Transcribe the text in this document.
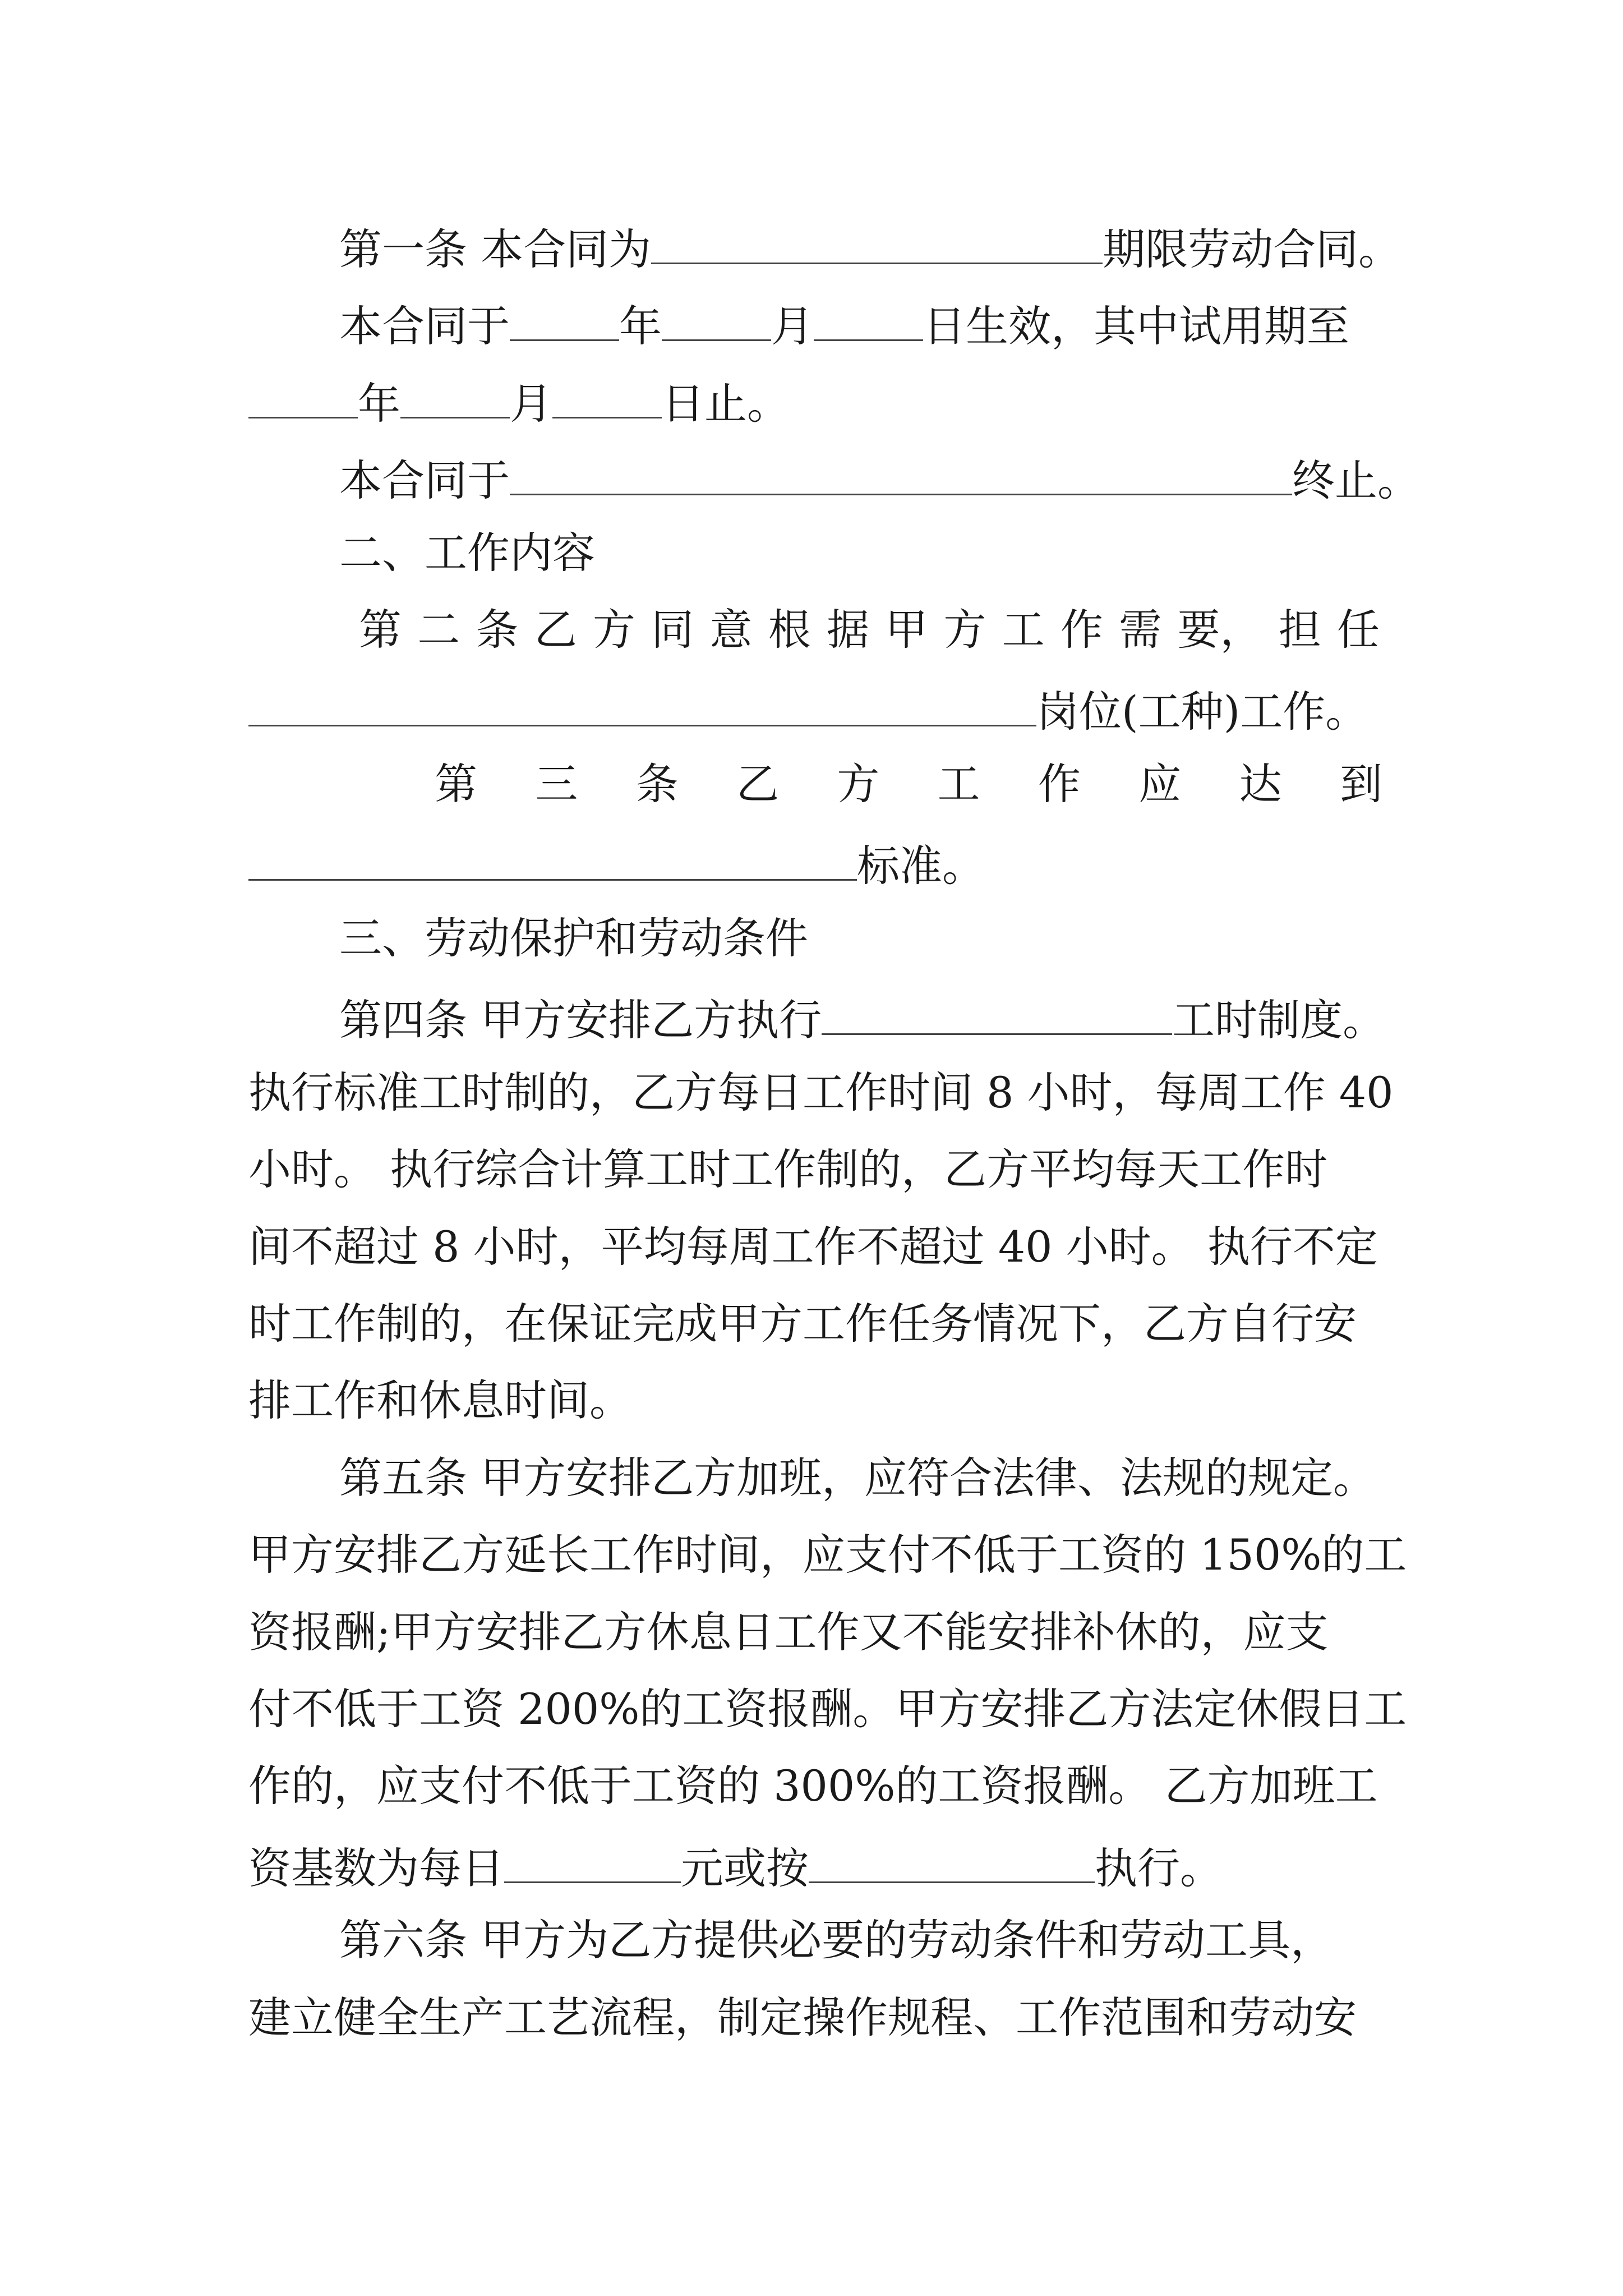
第一条 本合同为	期限劳动合同。
本合同于	年	月	日生效，其中试用期至
年	月	日止。
本合同于	终止。
二、工作内容
第 二 条 乙 方 同 意 根 据 甲 方 工 作 需 要， 担 任
岗位(工种)工作。
第 三 条 乙 方 工 作 应 达 到
标准。
三、劳动保护和劳动条件
第四条 甲方安排乙方执行	工时制度。
执行标准工时制的，乙方每日工作时间 8 小时，每周工作 40
小时。 执行综合计算工时工作制的，乙方平均每天工作时
间不超过 8 小时，平均每周工作不超过 40 小时。 执行不定
时工作制的，在保证完成甲方工作任务情况下，乙方自行安
排工作和休息时间。
第五条 甲方安排乙方加班，应符合法律、法规的规定。
甲方安排乙方延长工作时间，应支付不低于工资的 150%的工
资报酬;甲方安排乙方休息日工作又不能安排补休的，应支
付不低于工资 200%的工资报酬。甲方安排乙方法定休假日工
作的，应支付不低于工资的 300%的工资报酬。 乙方加班工
资基数为每日	元或按	执行。
第六条 甲方为乙方提供必要的劳动条件和劳动工具，
建立健全生产工艺流程，制定操作规程、工作范围和劳动安
